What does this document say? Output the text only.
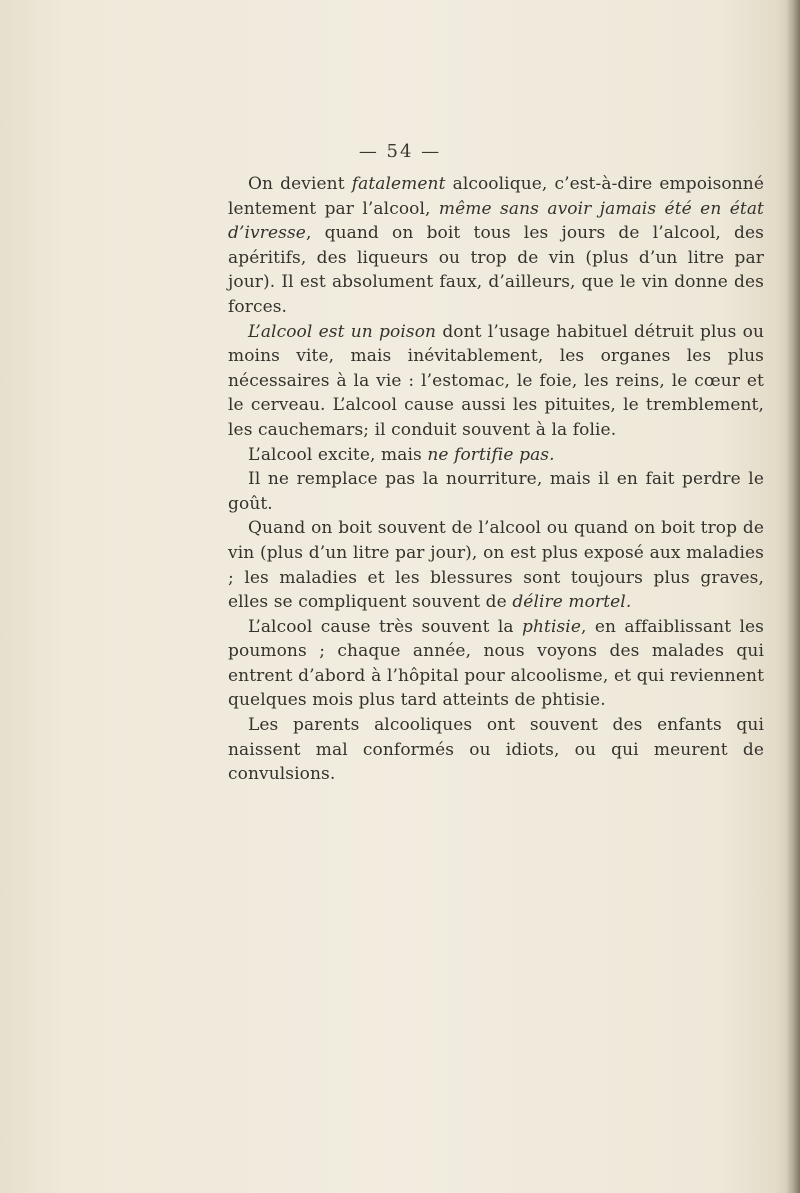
— 54 —

On devient fatalement alcoolique, c’est-à-dire empoisonné lentement par l’alcool, même sans avoir jamais été en état d’ivresse, quand on boit tous les jours de l’alcool, des apéritifs, des liqueurs ou trop de vin (plus d’un litre par jour). Il est absolument faux, d’ailleurs, que le vin donne des forces.

L’alcool est un poison dont l’usage habituel détruit plus ou moins vite, mais inévitablement, les organes les plus nécessaires à la vie : l’estomac, le foie, les reins, le cœur et le cerveau. L’alcool cause aussi les pituites, le tremblement, les cauchemars; il conduit souvent à la folie.

L’alcool excite, mais ne fortifie pas.

Il ne remplace pas la nourriture, mais il en fait perdre le goût.

Quand on boit souvent de l’alcool ou quand on boit trop de vin (plus d’un litre par jour), on est plus exposé aux maladies ; les maladies et les blessures sont toujours plus graves, elles se compliquent souvent de délire mortel.

L’alcool cause très souvent la phtisie, en affaiblissant les poumons ; chaque année, nous voyons des malades qui entrent d’abord à l’hôpital pour alcoolisme, et qui reviennent quelques mois plus tard atteints de phtisie.

Les parents alcooliques ont souvent des enfants qui naissent mal conformés ou idiots, ou qui meurent de convulsions.
